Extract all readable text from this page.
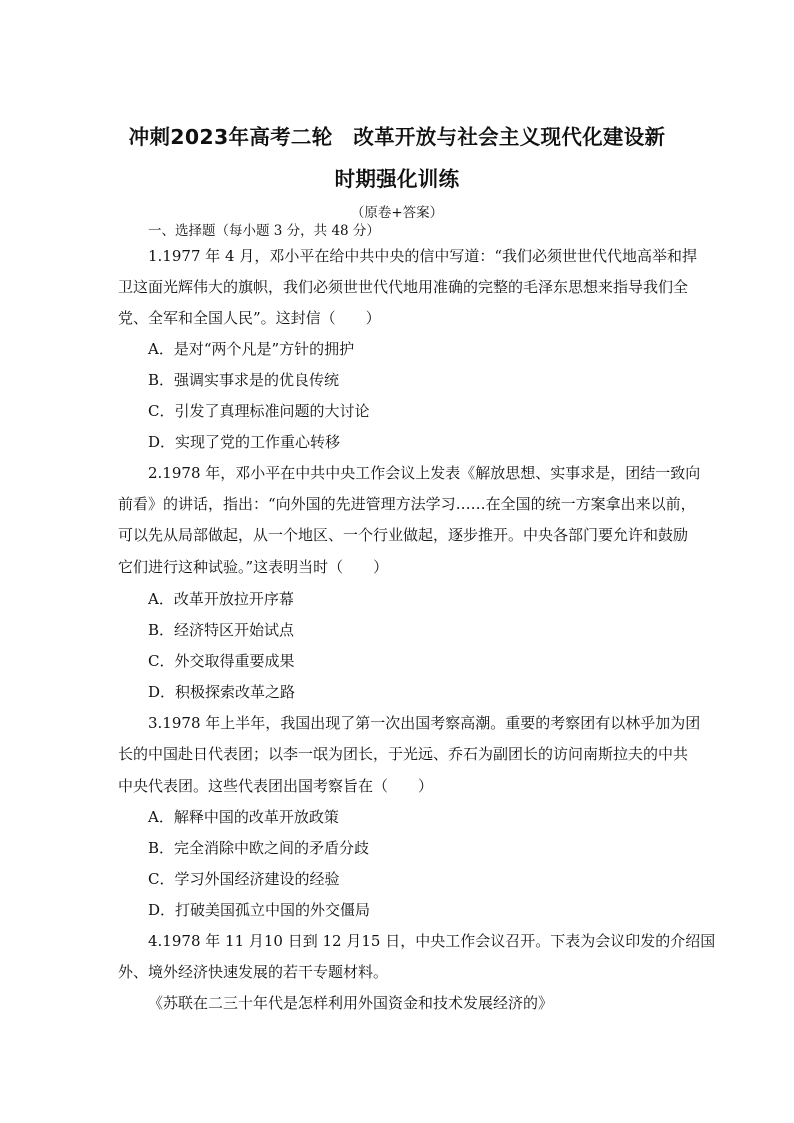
冲刺2023年高考二轮　改革开放与社会主义现代化建设新
时期强化训练
（原卷+答案）
一、选择题（每小题 3 分，共 48 分）
1.1977 年 4 月，邓小平在给中共中央的信中写道：“我们必须世世代代地高举和捍
卫这面光辉伟大的旗帜，我们必须世世代代地用准确的完整的毛泽东思想来指导我们全
党、全军和全国人民”。这封信（　　）
A．是对“两个凡是”方针的拥护
B．强调实事求是的优良传统
C．引发了真理标准问题的大讨论
D．实现了党的工作重心转移
2.1978 年，邓小平在中共中央工作会议上发表《解放思想、实事求是，团结一致向
前看》的讲话，指出：“向外国的先进管理方法学习……在全国的统一方案拿出来以前，
可以先从局部做起，从一个地区、一个行业做起，逐步推开。中央各部门要允许和鼓励
它们进行这种试验。”这表明当时（　　）
A．改革开放拉开序幕
B．经济特区开始试点
C．外交取得重要成果
D．积极探索改革之路
3.1978 年上半年，我国出现了第一次出国考察高潮。重要的考察团有以林乎加为团
长的中国赴日代表团；以李一氓为团长，于光远、乔石为副团长的访问南斯拉夫的中共
中央代表团。这些代表团出国考察旨在（　　）
A．解释中国的改革开放政策
B．完全消除中欧之间的矛盾分歧
C．学习外国经济建设的经验
D．打破美国孤立中国的外交僵局
4.1978 年 11 月10 日到 12 月15 日，中央工作会议召开。下表为会议印发的介绍国
外、境外经济快速发展的若干专题材料。
《苏联在二三十年代是怎样利用外国资金和技术发展经济的》
